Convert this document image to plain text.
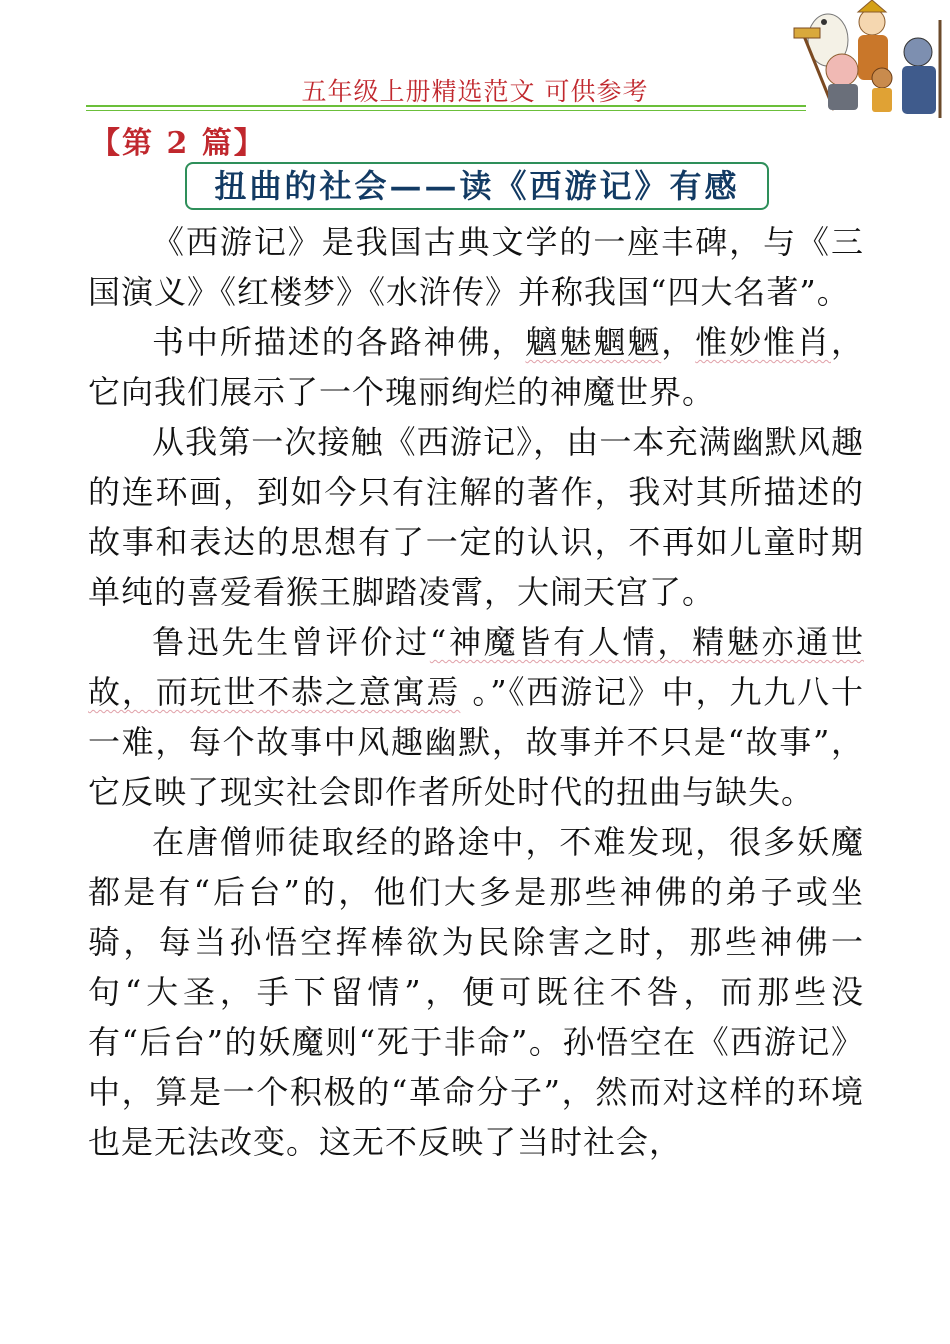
五年级上册精选范文 可供参考
【第 2 篇】
扭曲的社会——读《西游记》有感

《西游记》是我国古典文学的一座丰碑，与《三国演义》《红楼梦》《水浒传》并称我国“四大名著”。

书中所描述的各路神佛，魑魅魍魉，惟妙惟肖，它向我们展示了一个瑰丽绚烂的神魔世界。

从我第一次接触《西游记》，由一本充满幽默风趣的连环画，到如今只有注解的著作，我对其所描述的故事和表达的思想有了一定的认识，不再如儿童时期单纯的喜爱看猴王脚踏凌霄，大闹天宫了。

鲁迅先生曾评价过“神魔皆有人情，精魅亦通世故，而玩世不恭之意寓焉 。”《西游记》中，九九八十一难，每个故事中风趣幽默，故事并不只是“故事”，它反映了现实社会即作者所处时代的扭曲与缺失。

在唐僧师徒取经的路途中，不难发现，很多妖魔都是有“后台”的，他们大多是那些神佛的弟子或坐骑，每当孙悟空挥棒欲为民除害之时，那些神佛一句“大圣，手下留情”，便可既往不咎，而那些没有“后台”的妖魔则“死于非命”。孙悟空在《西游记》中，算是一个积极的“革命分子”，然而对这样的环境也是无法改变。这无不反映了当时社会，
